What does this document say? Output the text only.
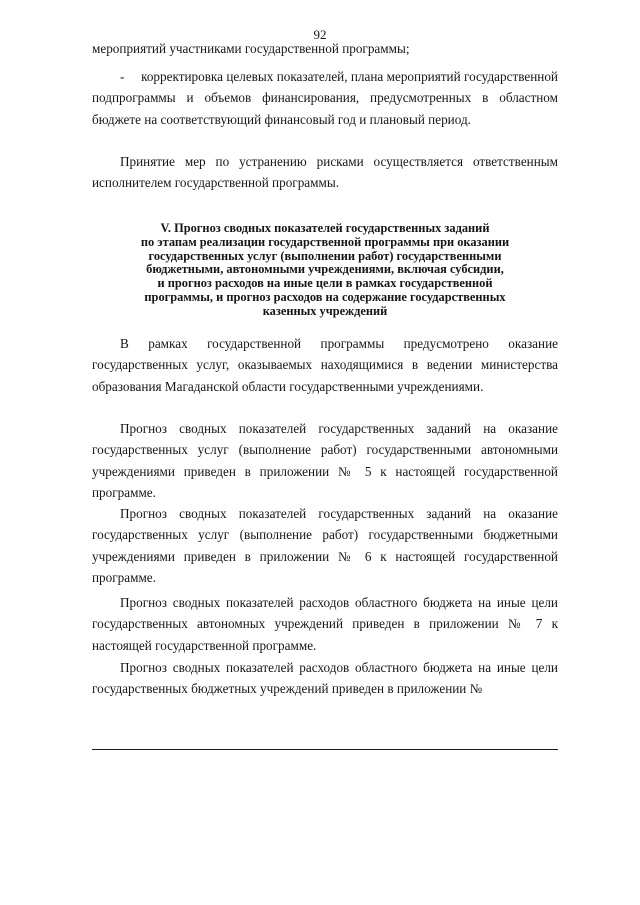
92

мероприятий участниками государственной программы;

-     корректировка целевых показателей, плана мероприятий государственной подпрограммы и объемов финансирования, предусмотренных в областном бюджете на соответствующий финансовый год и плановый период.

Принятие мер по устранению рисками осуществляется ответственным исполнителем государственной программы.

V. Прогноз сводных показателей государственных заданий
по этапам реализации государственной программы при оказании
государственных услуг (выполнении работ) государственными
бюджетными, автономными учреждениями, включая субсидии,
и прогноз расходов на иные цели в рамках государственной
программы, и прогноз расходов на содержание государственных
казенных учреждений

В рамках государственной программы предусмотрено оказание государственных услуг, оказываемых находящимися в ведении министерства образования Магаданской области государственными учреждениями.

Прогноз сводных показателей государственных заданий на оказание государственных услуг (выполнение работ) государственными автономными учреждениями приведен в приложении № 5 к настоящей государственной программе.

Прогноз сводных показателей государственных заданий на оказание государственных услуг (выполнение работ) государственными бюджетными учреждениями приведен в приложении № 6 к настоящей государственной программе.

Прогноз сводных показателей расходов областного бюджета на иные цели государственных автономных учреждений приведен в приложении № 7 к настоящей государственной программе.

Прогноз сводных показателей расходов областного бюджета на иные цели государственных бюджетных учреждений приведен в приложении №
